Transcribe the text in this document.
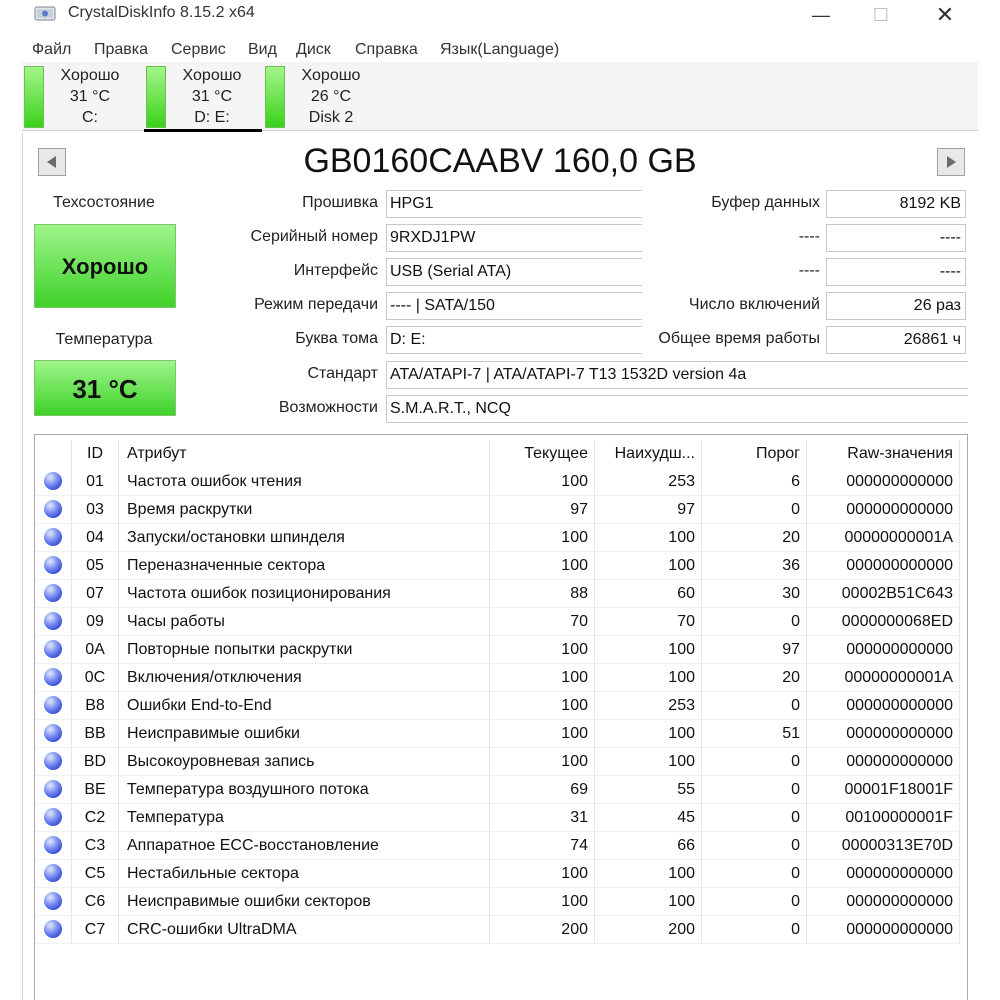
CrystalDiskInfo 8.15.2 x64	—	☐	✕
Файл Правка Сервис Вид Диск Справка Язык(Language)
Хорошо
31 °C
C:
Хорошо
31 °C
D: E:
Хорошо
26 °C
Disk 2
GB0160CAABV 160,0 GB
Техсостояние
Хорошо
Температура
31 °C
Прошивка HPG1
Серийный номер 9RXDJ1PW
Интерфейс USB (Serial ATA)
Режим передачи ---- | SATA/150
Буква тома D: E:
Стандарт ATA/ATAPI-7 | ATA/ATAPI-7 T13 1532D version 4a
Возможности S.M.A.R.T., NCQ
Буфер данных	8192 KB
----	----
----	----
Число включений	26 раз
Общее время работы	26861 ч
	ID	Атрибут	Текущее	Наихудш...	Порог	Raw-значения
	01	Частота ошибок чтения	100	253	6	000000000000
	03	Время раскрутки	97	97	0	000000000000
	04	Запуски/остановки шпинделя	100	100	20	00000000001A
	05	Переназначенные сектора	100	100	36	000000000000
	07	Частота ошибок позиционирования	88	60	30	00002B51C643
	09	Часы работы	70	70	0	0000000068ED
	0A	Повторные попытки раскрутки	100	100	97	000000000000
	0C	Включения/отключения	100	100	20	00000000001A
	B8	Ошибки End-to-End	100	253	0	000000000000
	BB	Неисправимые ошибки	100	100	51	000000000000
	BD	Высокоуровневая запись	100	100	0	000000000000
	BE	Температура воздушного потока	69	55	0	00001F18001F
	C2	Температура	31	45	0	00100000001F
	C3	Аппаратное ECC-восстановление	74	66	0	00000313E70D
	C5	Нестабильные сектора	100	100	0	000000000000
	C6	Неисправимые ошибки секторов	100	100	0	000000000000
	C7	CRC-ошибки UltraDMA	200	200	0	000000000000
